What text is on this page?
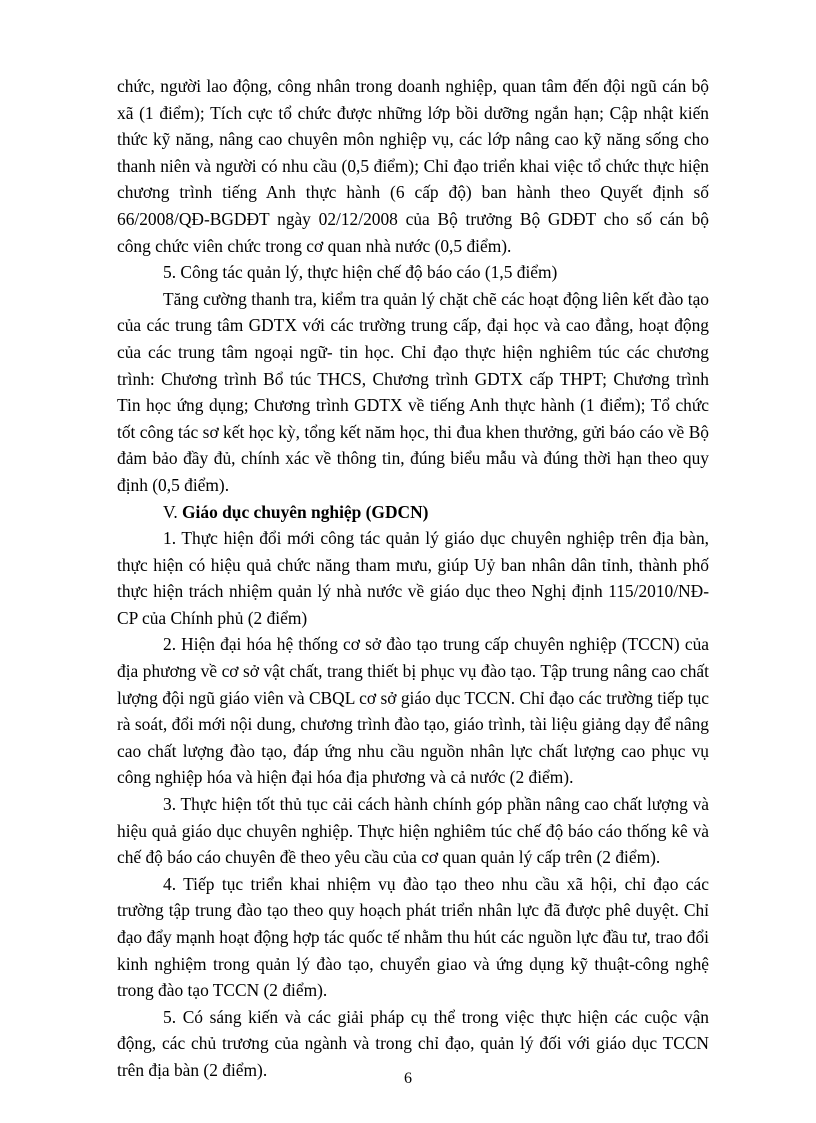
chức, người lao động, công nhân trong doanh nghiệp, quan tâm đến đội ngũ cán bộ xã (1 điểm); Tích cực tổ chức được những lớp bồi dưỡng ngắn hạn; Cập nhật kiến thức kỹ năng, nâng cao chuyên môn nghiệp vụ, các lớp nâng cao kỹ năng sống cho thanh niên và người có nhu cầu (0,5 điểm); Chỉ đạo triển khai việc tổ chức thực hiện chương trình tiếng Anh thực hành (6 cấp độ) ban hành theo Quyết định số 66/2008/QĐ-BGDĐT ngày 02/12/2008 của Bộ trưởng Bộ GDĐT cho số cán bộ công chức viên chức trong cơ quan nhà nước (0,5 điểm).

5. Công tác quản lý, thực hiện chế độ báo cáo (1,5 điểm)

Tăng cường thanh tra, kiểm tra quản lý chặt chẽ các hoạt động liên kết đào tạo của các trung tâm GDTX với các trường trung cấp, đại học và cao đẳng, hoạt động của các trung tâm ngoại ngữ- tin học. Chỉ đạo thực hiện nghiêm túc các chương trình: Chương trình Bổ túc THCS, Chương trình GDTX cấp THPT; Chương trình Tin học ứng dụng; Chương trình GDTX về tiếng Anh thực hành (1 điểm); Tổ chức tốt công tác sơ kết học kỳ, tổng kết năm học, thi đua khen thưởng, gửi báo cáo về Bộ đảm bảo đầy đủ, chính xác về thông tin, đúng biểu mẫu và đúng thời hạn theo quy định (0,5 điểm).

V. Giáo dục chuyên nghiệp (GDCN)

1. Thực hiện đổi mới công tác quản lý giáo dục chuyên nghiệp trên địa bàn, thực hiện có hiệu quả chức năng tham mưu, giúp Uỷ ban nhân dân tỉnh, thành phố thực hiện trách nhiệm quản lý nhà nước về giáo dục theo Nghị định 115/2010/NĐ-CP của Chính phủ (2 điểm)

2. Hiện đại hóa hệ thống cơ sở đào tạo trung cấp chuyên nghiệp (TCCN) của địa phương về cơ sở vật chất, trang thiết bị phục vụ đào tạo. Tập trung nâng cao chất lượng đội ngũ giáo viên và CBQL cơ sở giáo dục TCCN. Chỉ đạo các trường tiếp tục rà soát, đổi mới nội dung, chương trình đào tạo, giáo trình, tài liệu giảng dạy để nâng cao chất lượng đào tạo, đáp ứng nhu cầu nguồn nhân lực chất lượng cao phục vụ công nghiệp hóa và hiện đại hóa địa phương và cả nước (2 điểm).

3. Thực hiện tốt thủ tục cải cách hành chính góp phần nâng cao chất lượng và hiệu quả giáo dục chuyên nghiệp. Thực hiện nghiêm túc chế độ báo cáo thống kê và chế độ báo cáo chuyên đề theo yêu cầu của cơ quan quản lý cấp trên (2 điểm).

4. Tiếp tục triển khai nhiệm vụ đào tạo theo nhu cầu xã hội, chỉ đạo các trường tập trung đào tạo theo quy hoạch phát triển nhân lực đã được phê duyệt. Chỉ đạo đẩy mạnh hoạt động hợp tác quốc tế nhằm thu hút các nguồn lực đầu tư, trao đổi kinh nghiệm trong quản lý đào tạo, chuyển giao và ứng dụng kỹ thuật-công nghệ trong đào tạo TCCN (2 điểm).

5. Có sáng kiến và các giải pháp cụ thể trong việc thực hiện các cuộc vận động, các chủ trương của ngành và trong chỉ đạo, quản lý đối với giáo dục TCCN trên địa bàn (2 điểm).	6
